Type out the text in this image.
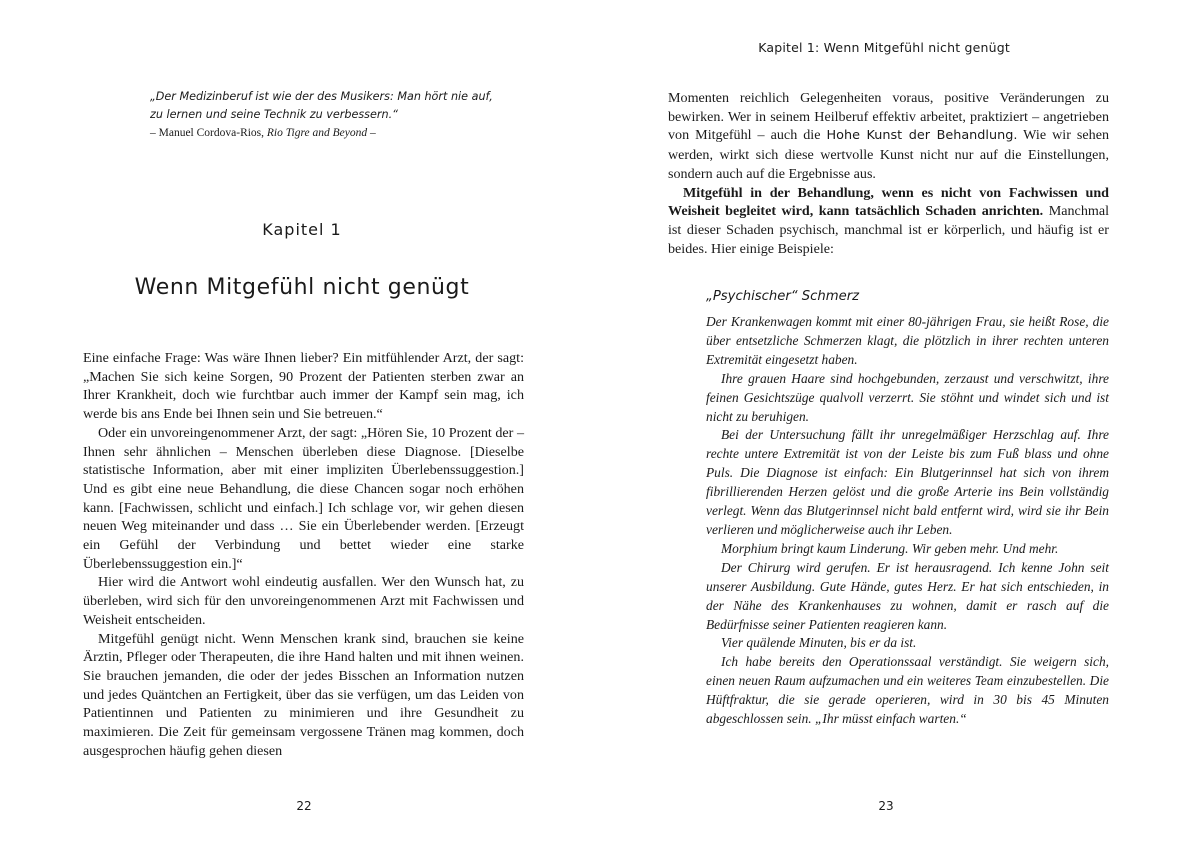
„Der Medizinberuf ist wie der des Musikers: Man hört nie auf,

zu lernen und seine Technik zu verbessern.“

– Manuel Cordova-Rios, Rio Tigre and Beyond –

Kapitel 1
Wenn Mitgefühl nicht genügt

Eine einfache Frage: Was wäre Ihnen lieber? Ein mitfühlender Arzt, der sagt: „Machen Sie sich keine Sorgen, 90 Prozent der Patienten sterben zwar an Ihrer Krankheit, doch wie furchtbar auch immer der Kampf sein mag, ich werde bis ans Ende bei Ihnen sein und Sie betreuen.“

Oder ein unvoreingenommener Arzt, der sagt: „Hören Sie, 10 Prozent der – Ihnen sehr ähnlichen – Menschen überleben diese Diagnose. [Dieselbe statistische Information, aber mit einer impliziten Überlebenssuggestion.] Und es gibt eine neue Behandlung, die diese Chancen sogar noch erhöhen kann. [Fachwissen, schlicht und einfach.] Ich schlage vor, wir gehen diesen neuen Weg miteinander und dass … Sie ein Überlebender werden. [Erzeugt ein Gefühl der Verbindung und bettet wieder eine starke Überlebenssuggestion ein.]“

Hier wird die Antwort wohl eindeutig ausfallen. Wer den Wunsch hat, zu überleben, wird sich für den unvoreingenommenen Arzt mit Fachwissen und Weisheit entscheiden.

Mitgefühl genügt nicht. Wenn Menschen krank sind, brauchen sie keine Ärztin, Pfleger oder Therapeuten, die ihre Hand halten und mit ihnen weinen. Sie brauchen jemanden, die oder der jedes Bisschen an Information nutzen und jedes Quäntchen an Fertigkeit, über das sie verfügen, um das Leiden von Patientinnen und Patienten zu minimieren und ihre Gesundheit zu maximieren. Die Zeit für gemeinsam vergossene Tränen mag kommen, doch ausgesprochen häufig gehen diesen

22
Kapitel 1: Wenn Mitgefühl nicht genügt

Momenten reichlich Gelegenheiten voraus, positive Veränderungen zu bewirken. Wer in seinem Heilberuf effektiv arbeitet, praktiziert – angetrieben von Mitgefühl – auch die Hohe Kunst der Behandlung. Wie wir sehen werden, wirkt sich diese wertvolle Kunst nicht nur auf die Einstellungen, sondern auch auf die Ergebnisse aus.

Mitgefühl in der Behandlung, wenn es nicht von Fachwissen und Weisheit begleitet wird, kann tatsächlich Schaden anrichten. Manchmal ist dieser Schaden psychisch, manchmal ist er körperlich, und häufig ist er beides. Hier einige Beispiele:

„Psychischer“ Schmerz

Der Krankenwagen kommt mit einer 80-jährigen Frau, sie heißt Rose, die über entsetzliche Schmerzen klagt, die plötzlich in ihrer rechten unteren Extremität eingesetzt haben.

Ihre grauen Haare sind hochgebunden, zerzaust und verschwitzt, ihre feinen Gesichtszüge qualvoll verzerrt. Sie stöhnt und windet sich und ist nicht zu beruhigen.

Bei der Untersuchung fällt ihr unregelmäßiger Herzschlag auf. Ihre rechte untere Extremität ist von der Leiste bis zum Fuß blass und ohne Puls. Die Diagnose ist einfach: Ein Blutgerinnsel hat sich von ihrem fibrillierenden Herzen gelöst und die große Arterie ins Bein vollständig verlegt. Wenn das Blutgerinnsel nicht bald entfernt wird, wird sie ihr Bein verlieren und möglicherweise auch ihr Leben.

Morphium bringt kaum Linderung. Wir geben mehr. Und mehr.

Der Chirurg wird gerufen. Er ist herausragend. Ich kenne John seit unserer Ausbildung. Gute Hände, gutes Herz. Er hat sich entschieden, in der Nähe des Krankenhauses zu wohnen, damit er rasch auf die Bedürfnisse seiner Patienten reagieren kann.

Vier quälende Minuten, bis er da ist.

Ich habe bereits den Operationssaal verständigt. Sie weigern sich, einen neuen Raum aufzumachen und ein weiteres Team einzubestellen. Die Hüftfraktur, die sie gerade operieren, wird in 30 bis 45 Minuten abgeschlossen sein. „Ihr müsst einfach warten.“

23
